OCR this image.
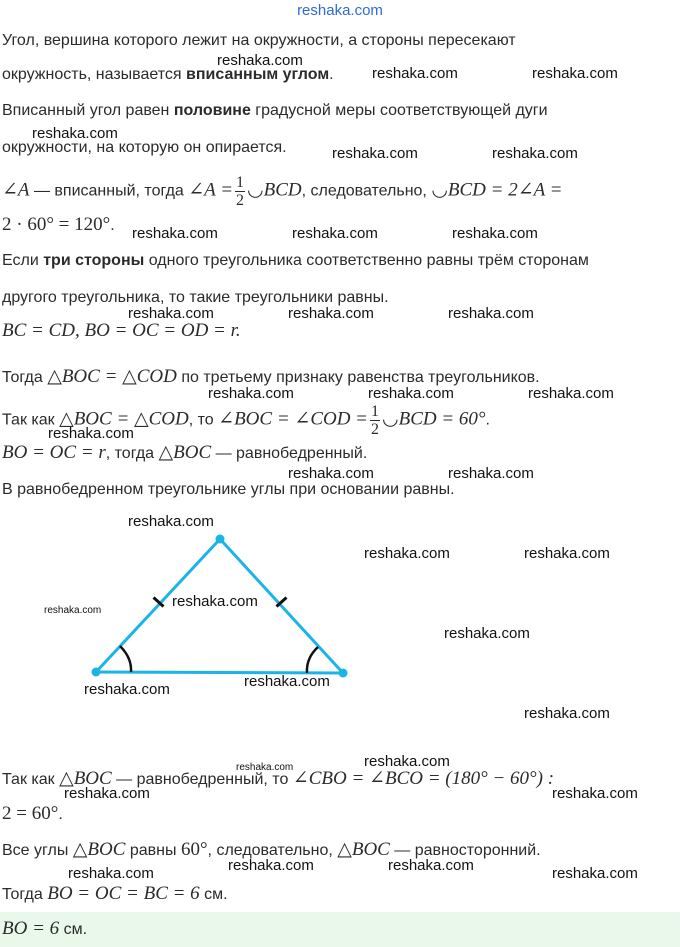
reshaka.com
Угол, вершина которого лежит на окружности, а стороны пересекают
окружность, называется вписанным углом.
Вписанный угол равен половине градусной меры соответствующей дуги
окружности, на которую он опирается.
∠A — вписанный, тогда ∠A = $\frac{1}{2}$ ◡BCD, следовательно, ◡BCD = 2∠A =
2 · 60° = 120°.
Если три стороны одного треугольника соответственно равны трём сторонам
другого треугольника, то такие треугольники равны.
BC = CD, BO = OC = OD = r.
Тогда △BOC = △COD по третьему признаку равенства треугольников.
Так как △BOC = △COD, то ∠BOC = ∠COD = $\frac{1}{2}$ ◡BCD = 60°.
BO = OC = r, тогда △BOC — равнобедренный.
В равнобедренном треугольнике углы при основании равны.
Так как △BOC — равнобедренный, то ∠CBO = ∠BCO = (180° − 60°) :
2 = 60°.
Все углы △BOC равны 60°, следовательно, △BOC — равносторонний.
Тогда BO = OC = BC = 6 см.
BO = 6 см.
reshaka.com
reshaka.com	reshaka.com
reshaka.com
reshaka.com	reshaka.com
reshaka.com	reshaka.com	reshaka.com
reshaka.com	reshaka.com	reshaka.com
reshaka.com	reshaka.com	reshaka.com
reshaka.com
reshaka.com	reshaka.com
reshaka.com
reshaka.com	reshaka.com
reshaka.com
reshaka.com
reshaka.com
reshaka.com
reshaka.com
reshaka.com
reshaka.com
reshaka.com
reshaka.com	reshaka.com
reshaka.com	reshaka.com
reshaka.com	reshaka.com
